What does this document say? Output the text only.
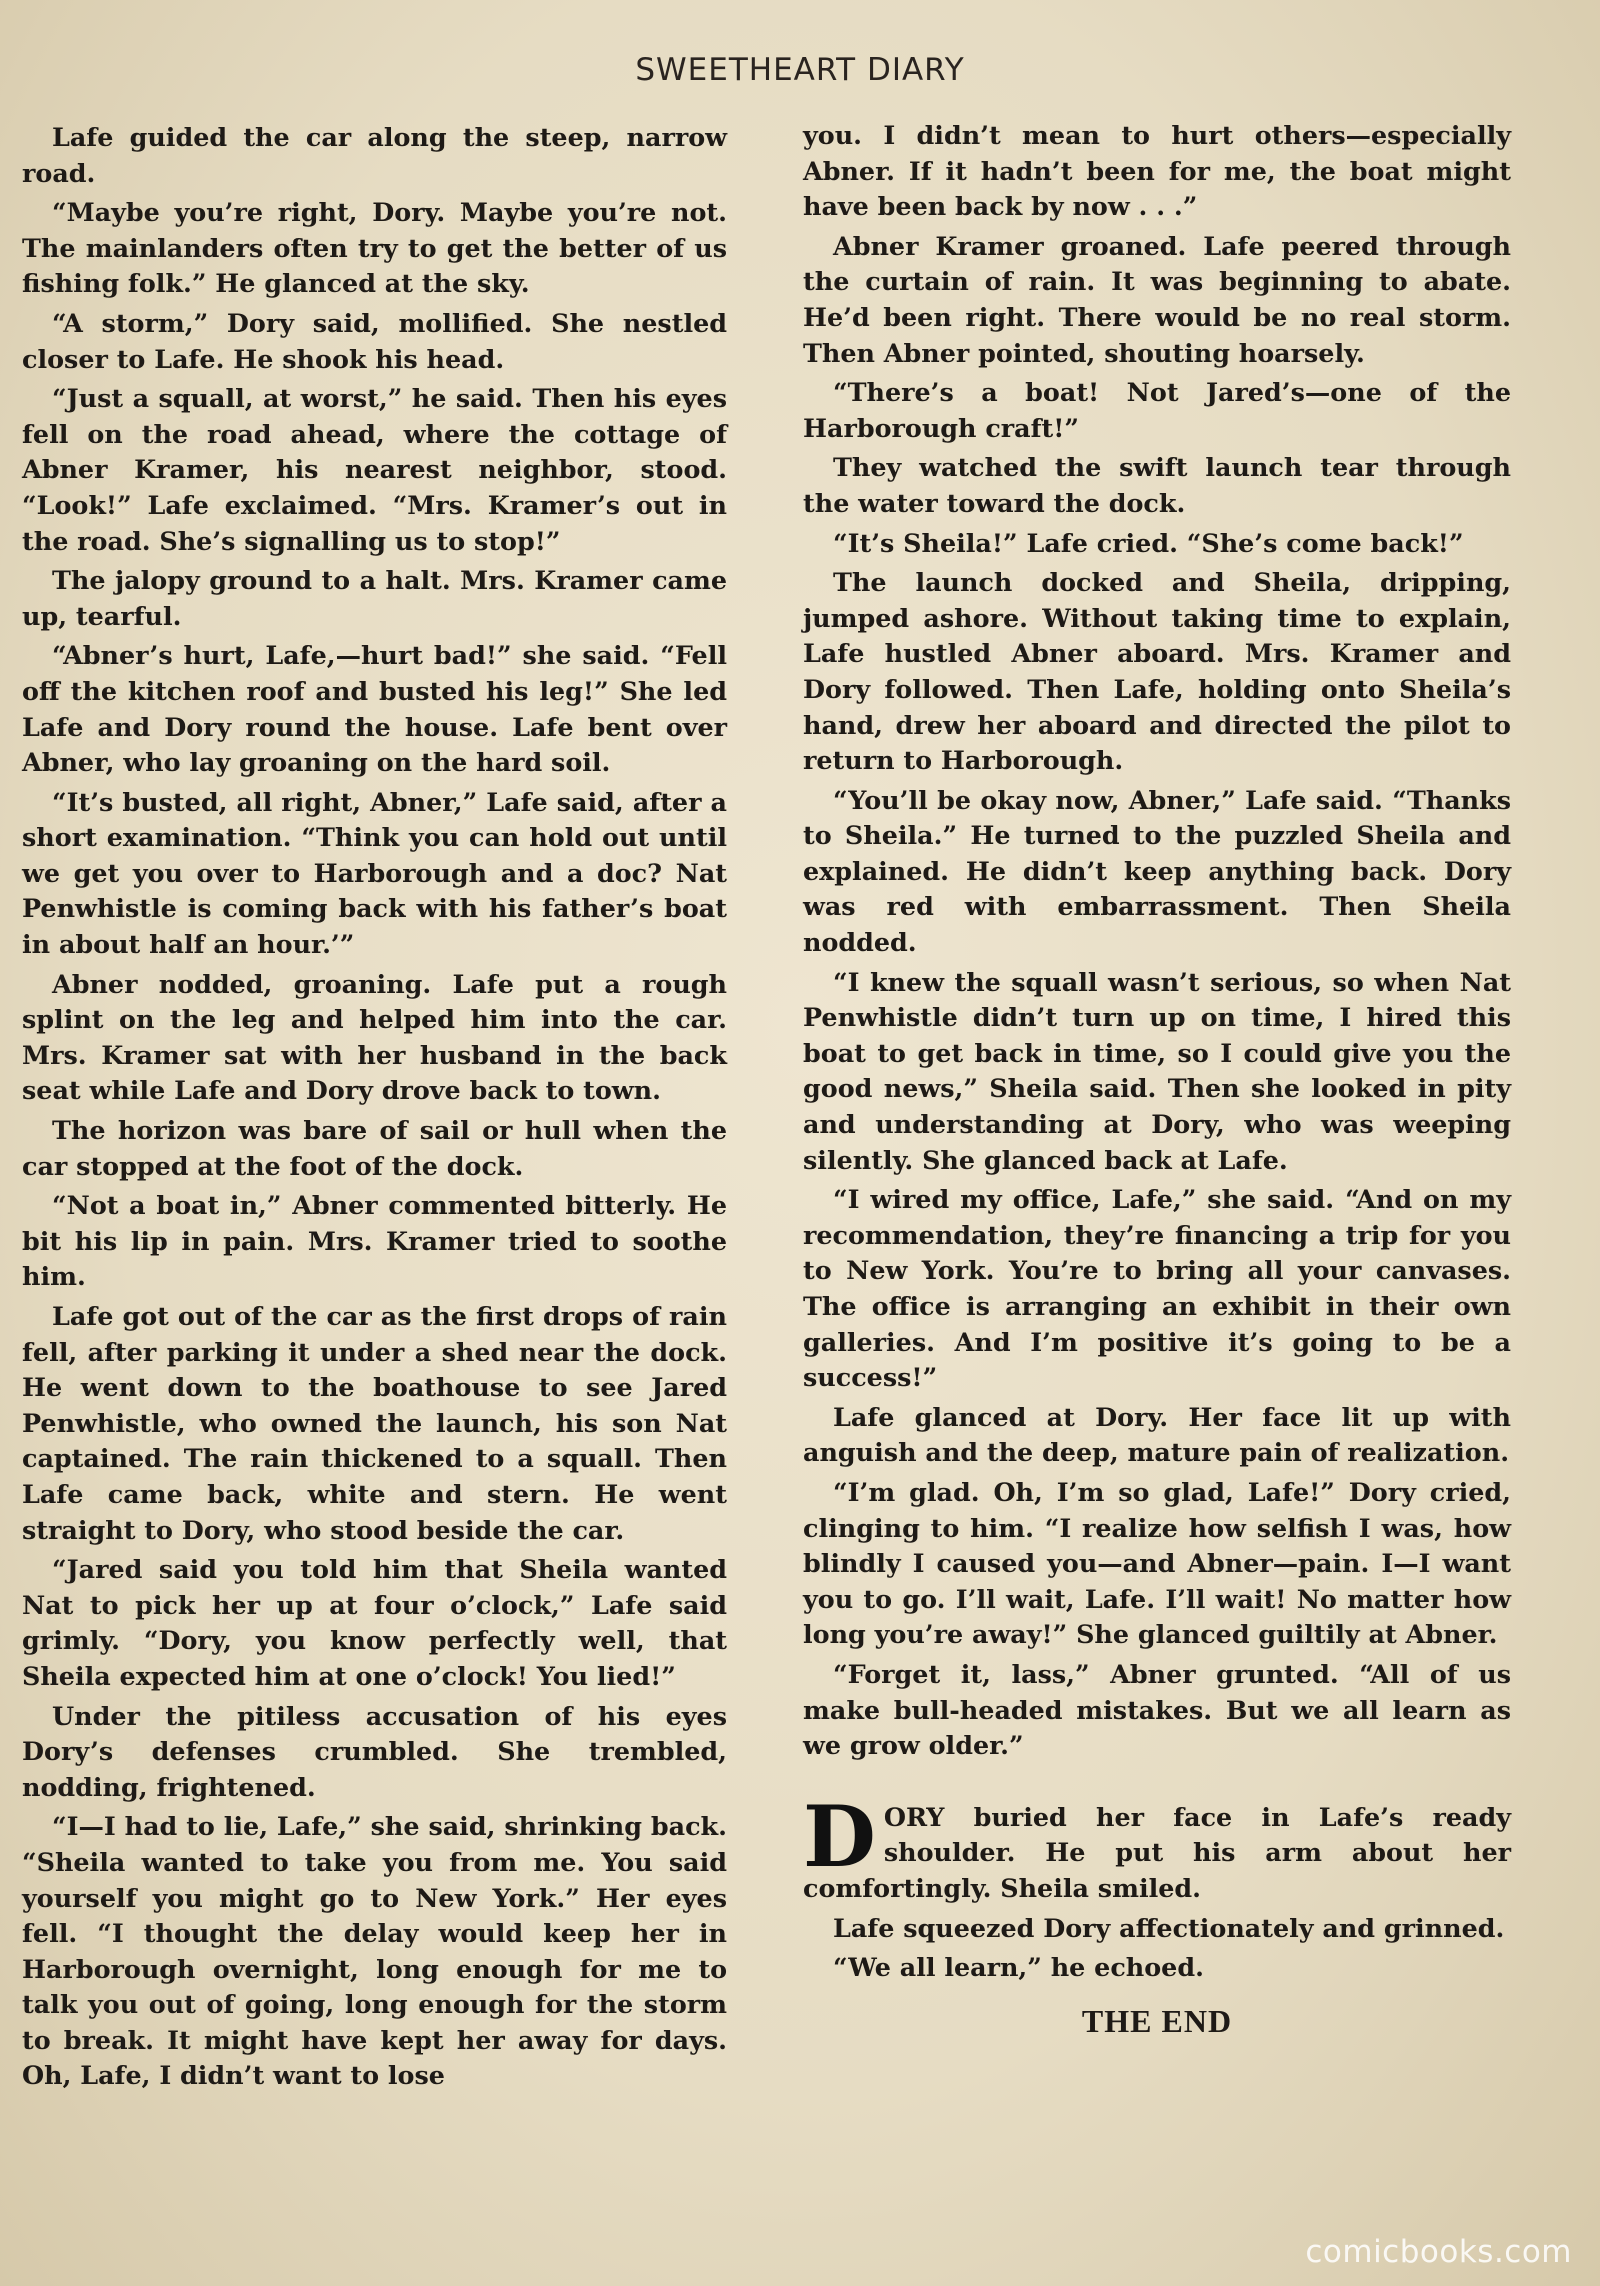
SWEETHEART DIARY

Lafe guided the car along the steep, narrow road.

“Maybe you’re right, Dory. Maybe you’re not. The mainlanders often try to get the better of us fishing folk.” He glanced at the sky.

“A storm,” Dory said, mollified. She nestled closer to Lafe. He shook his head.

“Just a squall, at worst,” he said. Then his eyes fell on the road ahead, where the cottage of Abner Kramer, his nearest neighbor, stood. “Look!” Lafe exclaimed. “Mrs. Kramer’s out in the road. She’s signalling us to stop!”

The jalopy ground to a halt. Mrs. Kramer came up, tearful.

“Abner’s hurt, Lafe,—hurt bad!” she said. “Fell off the kitchen roof and busted his leg!” She led Lafe and Dory round the house. Lafe bent over Abner, who lay groaning on the hard soil.

“It’s busted, all right, Abner,” Lafe said, after a short examination. “Think you can hold out until we get you over to Harborough and a doc? Nat Penwhistle is coming back with his father’s boat in about half an hour.’”

Abner nodded, groaning. Lafe put a rough splint on the leg and helped him into the car. Mrs. Kramer sat with her husband in the back seat while Lafe and Dory drove back to town.

The horizon was bare of sail or hull when the car stopped at the foot of the dock.

“Not a boat in,” Abner commented bitterly. He bit his lip in pain. Mrs. Kramer tried to soothe him.

Lafe got out of the car as the first drops of rain fell, after parking it under a shed near the dock. He went down to the boathouse to see Jared Penwhistle, who owned the launch, his son Nat captained. The rain thickened to a squall. Then Lafe came back, white and stern. He went straight to Dory, who stood beside the car.

“Jared said you told him that Sheila wanted Nat to pick her up at four o’clock,” Lafe said grimly. “Dory, you know perfectly well, that Sheila expected him at one o’clock! You lied!”

Under the pitiless accusation of his eyes Dory’s defenses crumbled. She trembled, nodding, frightened.

“I—I had to lie, Lafe,” she said, shrinking back. “Sheila wanted to take you from me. You said yourself you might go to New York.” Her eyes fell. “I thought the delay would keep her in Harborough overnight, long enough for me to talk you out of going, long enough for the storm to break. It might have kept her away for days. Oh, Lafe, I didn’t want to lose

you. I didn’t mean to hurt others—especially Abner. If it hadn’t been for me, the boat might have been back by now . . .”

Abner Kramer groaned. Lafe peered through the curtain of rain. It was beginning to abate. He’d been right. There would be no real storm. Then Abner pointed, shouting hoarsely.

“There’s a boat! Not Jared’s—one of the Harborough craft!”

They watched the swift launch tear through the water toward the dock.

“It’s Sheila!” Lafe cried. “She’s come back!”

The launch docked and Sheila, dripping, jumped ashore. Without taking time to explain, Lafe hustled Abner aboard. Mrs. Kramer and Dory followed. Then Lafe, holding onto Sheila’s hand, drew her aboard and directed the pilot to return to Harborough.

“You’ll be okay now, Abner,” Lafe said. “Thanks to Sheila.” He turned to the puzzled Sheila and explained. He didn’t keep anything back. Dory was red with embarrassment. Then Sheila nodded.

“I knew the squall wasn’t serious, so when Nat Penwhistle didn’t turn up on time, I hired this boat to get back in time, so I could give you the good news,” Sheila said. Then she looked in pity and understanding at Dory, who was weeping silently. She glanced back at Lafe.

“I wired my office, Lafe,” she said. “And on my recommendation, they’re financing a trip for you to New York. You’re to bring all your canvases. The office is arranging an exhibit in their own galleries. And I’m positive it’s going to be a success!”

Lafe glanced at Dory. Her face lit up with anguish and the deep, mature pain of realization.

“I’m glad. Oh, I’m so glad, Lafe!” Dory cried, clinging to him. “I realize how selfish I was, how blindly I caused you—and Abner—pain. I—I want you to go. I’ll wait, Lafe. I’ll wait! No matter how long you’re away!” She glanced guiltily at Abner.

“Forget it, lass,” Abner grunted. “All of us make bull-headed mistakes. But we all learn as we grow older.”

DORY buried her face in Lafe’s ready shoulder. He put his arm about her comfortingly. Sheila smiled.

Lafe squeezed Dory affectionately and grinned.

“We all learn,” he echoed.

THE END
comicbooks.com
